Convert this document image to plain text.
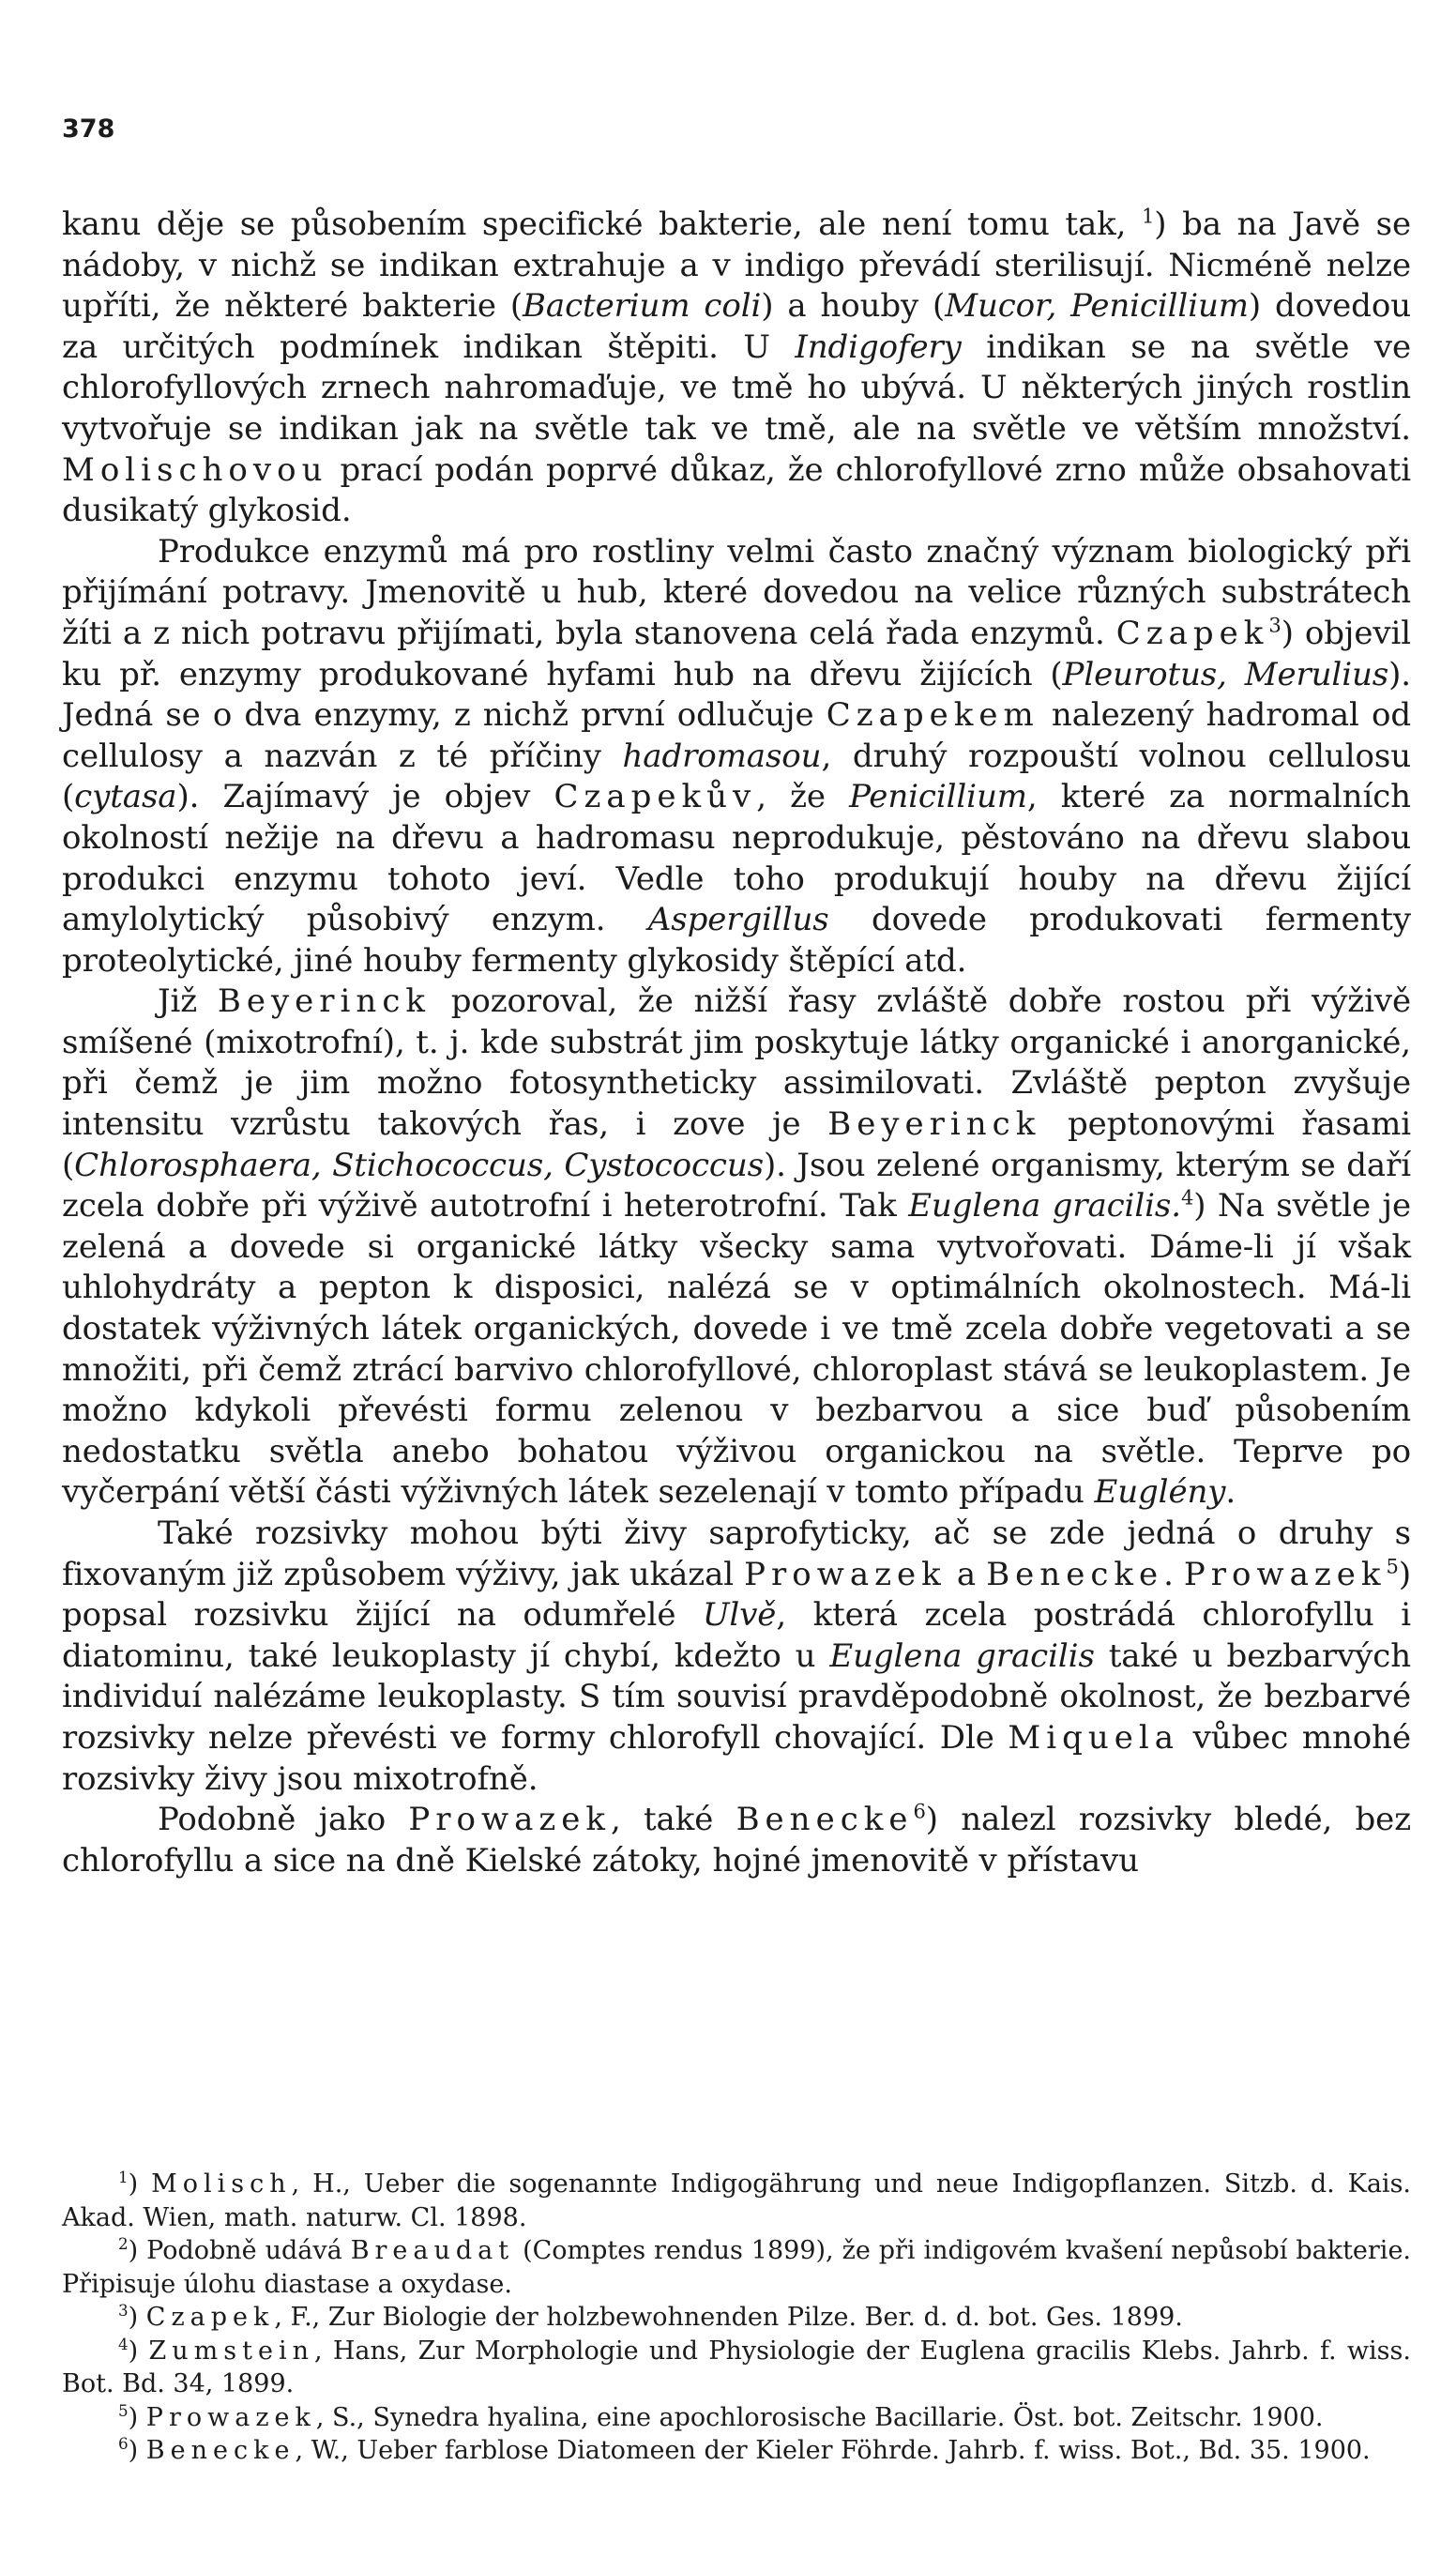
378

kanu děje se působením specifické bakterie, ale není tomu tak, $^1$) ba na Javě se nádoby, v nichž se indikan extrahuje a v indigo převádí sterilisují. Nicméně nelze upříti, že některé bakterie (Bacterium coli) a houby (Mucor, Penicillium) dovedou za určitých podmínek indikan štěpiti. U Indigofery indikan se na světle ve chlorofyllových zrnech nahromaďuje, ve tmě ho ubývá. U některých jiných rostlin vytvořuje se indikan jak na světle tak ve tmě, ale na světle ve větším množství. Molischovou prací podán poprvé důkaz, že chlorofyllové zrno může obsahovati dusikatý glykosid.

Produkce enzymů má pro rostliny velmi často značný význam biologický při přijímání potravy. Jmenovitě u hub, které dovedou na velice různých substrátech žíti a z nich potravu přijímati, byla stanovena celá řada enzymů. Czapek$^3$) objevil ku př. enzymy produkované hyfami hub na dřevu žijících (Pleurotus, Merulius). Jedná se o dva enzymy, z nichž první odlučuje Czapekem nalezený hadromal od cellulosy a nazván z té příčiny hadromasou, druhý rozpouští volnou cellulosu (cytasa). Zajímavý je objev Czapekův, že Penicillium, které za normalních okolností nežije na dřevu a hadromasu neprodukuje, pěstováno na dřevu slabou produkci enzymu tohoto jeví. Vedle toho produkují houby na dřevu žijící amylolytický působivý enzym. Aspergillus dovede produkovati fermenty proteolytické, jiné houby fermenty glykosidy štěpící atd.

Již Beyerinck pozoroval, že nižší řasy zvláště dobře rostou při výživě smíšené (mixotrofní), t. j. kde substrát jim poskytuje látky organické i anorganické, při čemž je jim možno fotosyntheticky assimilovati. Zvláště pepton zvyšuje intensitu vzrůstu takových řas, i zove je Beyerinck peptonovými řasami (Chlorosphaera, Stichococcus, Cystococcus). Jsou zelené organismy, kterým se daří zcela dobře při výživě autotrofní i heterotrofní. Tak Euglena gracilis.$^4$) Na světle je zelená a dovede si organické látky všecky sama vytvořovati. Dáme-li jí však uhlohydráty a pepton k disposici, nalézá se v optimálních okolnostech. Má-li dostatek výživných látek organických, dovede i ve tmě zcela dobře vegetovati a se množiti, při čemž ztrácí barvivo chlorofyllové, chloroplast stává se leukoplastem. Je možno kdykoli převésti formu zelenou v bezbarvou a sice buď působením nedostatku světla anebo bohatou výživou organickou na světle. Teprve po vyčerpání větší části výživných látek sezelenají v tomto případu Euglény.

Také rozsivky mohou býti živy saprofyticky, ač se zde jedná o druhy s fixovaným již způsobem výživy, jak ukázal Prowazek a Benecke. Prowazek$^5$) popsal rozsivku žijící na odumřelé Ulvě, která zcela postrádá chlorofyllu i diatominu, také leukoplasty jí chybí, kdežto u Euglena gracilis také u bezbarvých individuí nalézáme leukoplasty. S tím souvisí pravděpodobně okolnost, že bezbarvé rozsivky nelze převésti ve formy chlorofyll chovající. Dle Miquela vůbec mnohé rozsivky živy jsou mixotrofně.

Podobně jako Prowazek, také Benecke$^6$) nalezl rozsivky bledé, bez chlorofyllu a sice na dně Kielské zátoky, hojné jmenovitě v přístavu

$^1$) Molisch, H., Ueber die sogenannte Indigogährung und neue Indigopflanzen. Sitzb. d. Kais. Akad. Wien, math. naturw. Cl. 1898.

$^2$) Podobně udává Breaudat (Comptes rendus 1899), že při indigovém kvašení nepůsobí bakterie. Připisuje úlohu diastase a oxydase.

$^3$) Czapek, F., Zur Biologie der holzbewohnenden Pilze. Ber. d. d. bot. Ges. 1899.

$^4$) Zumstein, Hans, Zur Morphologie und Physiologie der Euglena gracilis Klebs. Jahrb. f. wiss. Bot. Bd. 34, 1899.

$^5$) Prowazek, S., Synedra hyalina, eine apochlorosische Bacillarie. Öst. bot. Zeitschr. 1900.

$^6$) Benecke, W., Ueber farblose Diatomeen der Kieler Föhrde. Jahrb. f. wiss. Bot., Bd. 35. 1900.
